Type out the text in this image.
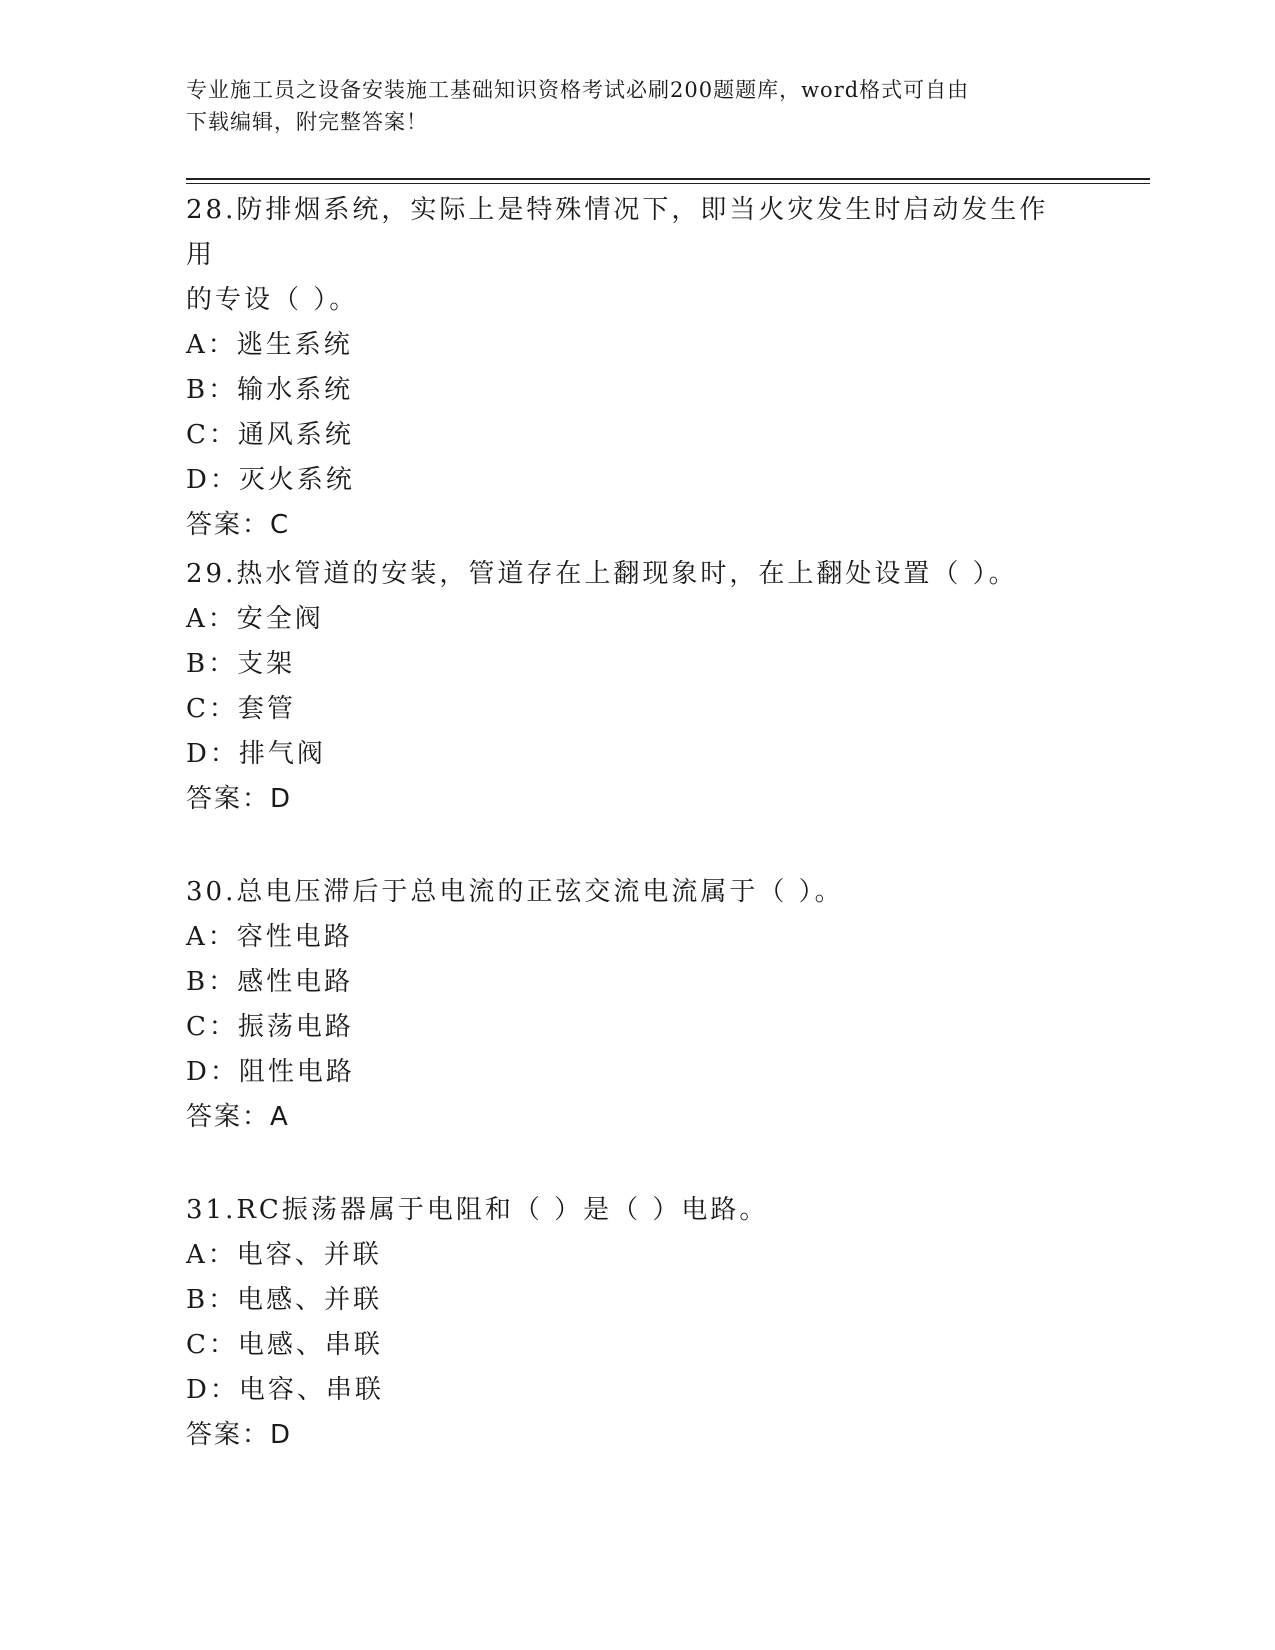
专业施工员之设备安装施工基础知识资格考试必刷200题题库，word格式可自由
下载编辑，附完整答案！

28.防排烟系统，实际上是特殊情况下，即当火灾发生时启动发生作用

的专设（ ）。

A：逃生系统

B：输水系统

C：通风系统

D：灭火系统

答案：C

29.热水管道的安装，管道存在上翻现象时，在上翻处设置（ ）。

A：安全阀

B：支架

C：套管

D：排气阀

答案：D

30.总电压滞后于总电流的正弦交流电流属于（ ）。

A：容性电路

B：感性电路

C：振荡电路

D：阻性电路

答案：A

31.RC振荡器属于电阻和（ ）是（ ）电路。

A：电容、并联

B：电感、并联

C：电感、串联

D：电容、串联

答案：D
